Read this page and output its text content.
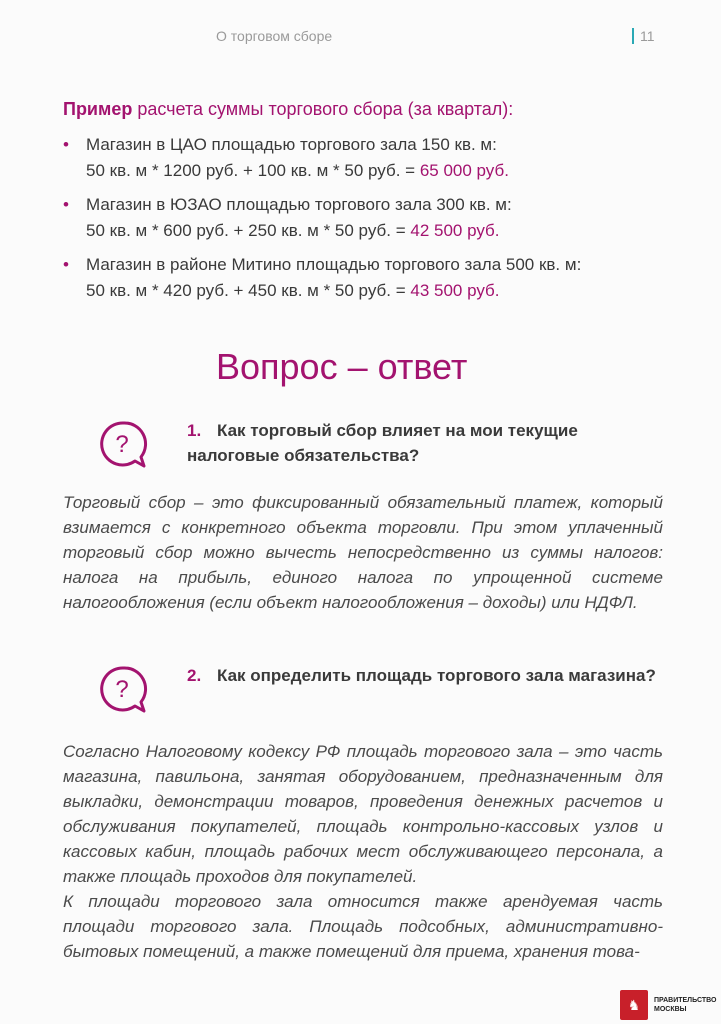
О торговом сборе	11
Пример расчета суммы торгового сбора (за квартал):
• Магазин в ЦАО площадью торгового зала 150 кв. м:
50 кв. м * 1200 руб. + 100 кв. м * 50 руб. = 65 000 руб.
• Магазин в ЮЗАО площадью торгового зала 300 кв. м:
50 кв. м * 600 руб. + 250 кв. м * 50 руб. = 42 500 руб.
• Магазин в районе Митино площадью торгового зала 500 кв. м:
50 кв. м * 420 руб. + 450 кв. м * 50 руб. = 43 500 руб.
Вопрос – ответ
?
1. Как торговый сбор влияет на мои текущие налоговые обязательства?

Торговый сбор – это фиксированный обязательный платеж, который взимается с конкретного объекта торговли. При этом уплаченный торговый сбор можно вычесть непосредственно из суммы налогов: налога на прибыль, единого налога по упрощенной системе налогообложения (если объект налогообложения – доходы) или НДФЛ.

?
2. Как определить площадь торгового зала магазина?

Согласно Налоговому кодексу РФ площадь торгового зала – это часть магазина, павильона, занятая оборудованием, предназначенным для выкладки, демонстрации товаров, проведения денежных расчетов и обслуживания покупателей, площадь контрольно-кассовых узлов и кассовых кабин, площадь рабочих мест обслуживающего персонала, а также площадь проходов для покупателей.

К площади торгового зала относится также арендуемая часть площади торгового зала. Площадь подсобных, административно-бытовых помещений, а также помещений для приема, хранения това-

♞	ПРАВИТЕЛЬСТВО
МОСКВЫ
